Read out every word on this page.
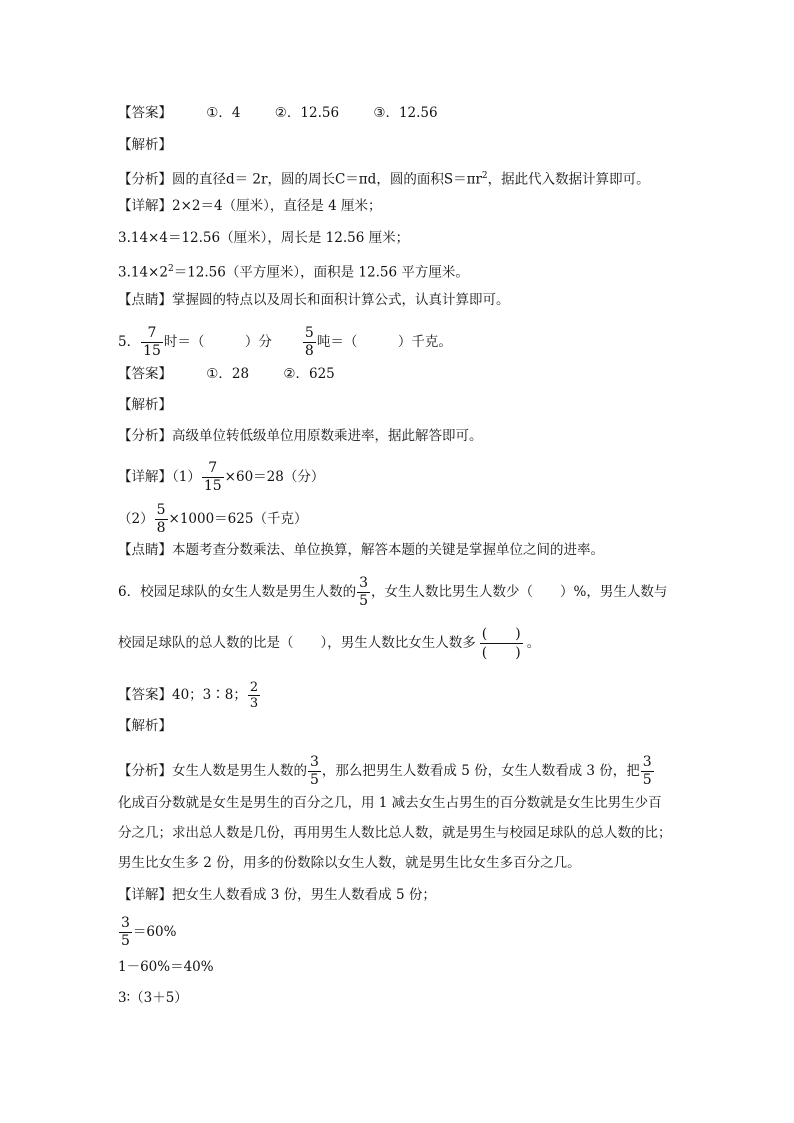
【答案】	①．4	②．12.56	③．12.56
【解析】
【分析】圆的直径d＝ 2r，圆的周长C＝πd，圆的面积$S=\pi r^2$，据此代入数据计算即可。
【详解】2×2＝4（厘米），直径是 4 厘米；
3.14×4＝12.56（厘米），周长是 12.56 厘米；
$3.14\times 2^2=12.56$（平方厘米），面积是 12.56 平方厘米。
【点睛】掌握圆的特点以及周长和面积计算公式，认真计算即可。
5． $\frac{7}{15}$ 时＝（　　　）分 $\frac{5}{8}$ 吨＝（　　　）千克。
【答案】	①．28	②．625
【解析】
【分析】高级单位转低级单位用原数乘进率，据此解答即可。
【详解】$(1) \frac{7}{15} \times 60=28$（分）
$(2) \frac{5}{8} \times 1000=625$（千克）
【点睛】本题考查分数乘法、单位换算，解答本题的关键是掌握单位之间的进率。
6．校园足球队的女生人数是男生人数的 $\frac{3}{5}$ ，女生人数比男生人数少（　　）%，男生人数与
校园足球队的总人数的比是（　　），男生人数比女生人数多 $\frac{( )}{( )}$ 。
【答案】40；3∶8； $\frac{2}{3}$
【解析】
【分析】女生人数是男生人数的 $\frac{3}{5}$ ，那么把男生人数看成 5 份，女生人数看成 3 份，把 $\frac{3}{5}$
化成百分数就是女生是男生的百分之几，用 1 减去女生占男生的百分数就是女生比男生少百
分之几；求出总人数是几份，再用男生人数比总人数，就是男生与校园足球队的总人数的比；
男生比女生多 2 份，用多的份数除以女生人数，就是男生比女生多百分之几。
【详解】把女生人数看成 3 份，男生人数看成 5 份；
$\frac{3}{5} =60\%$
1－60%＝40%
3∶（3＋5）
